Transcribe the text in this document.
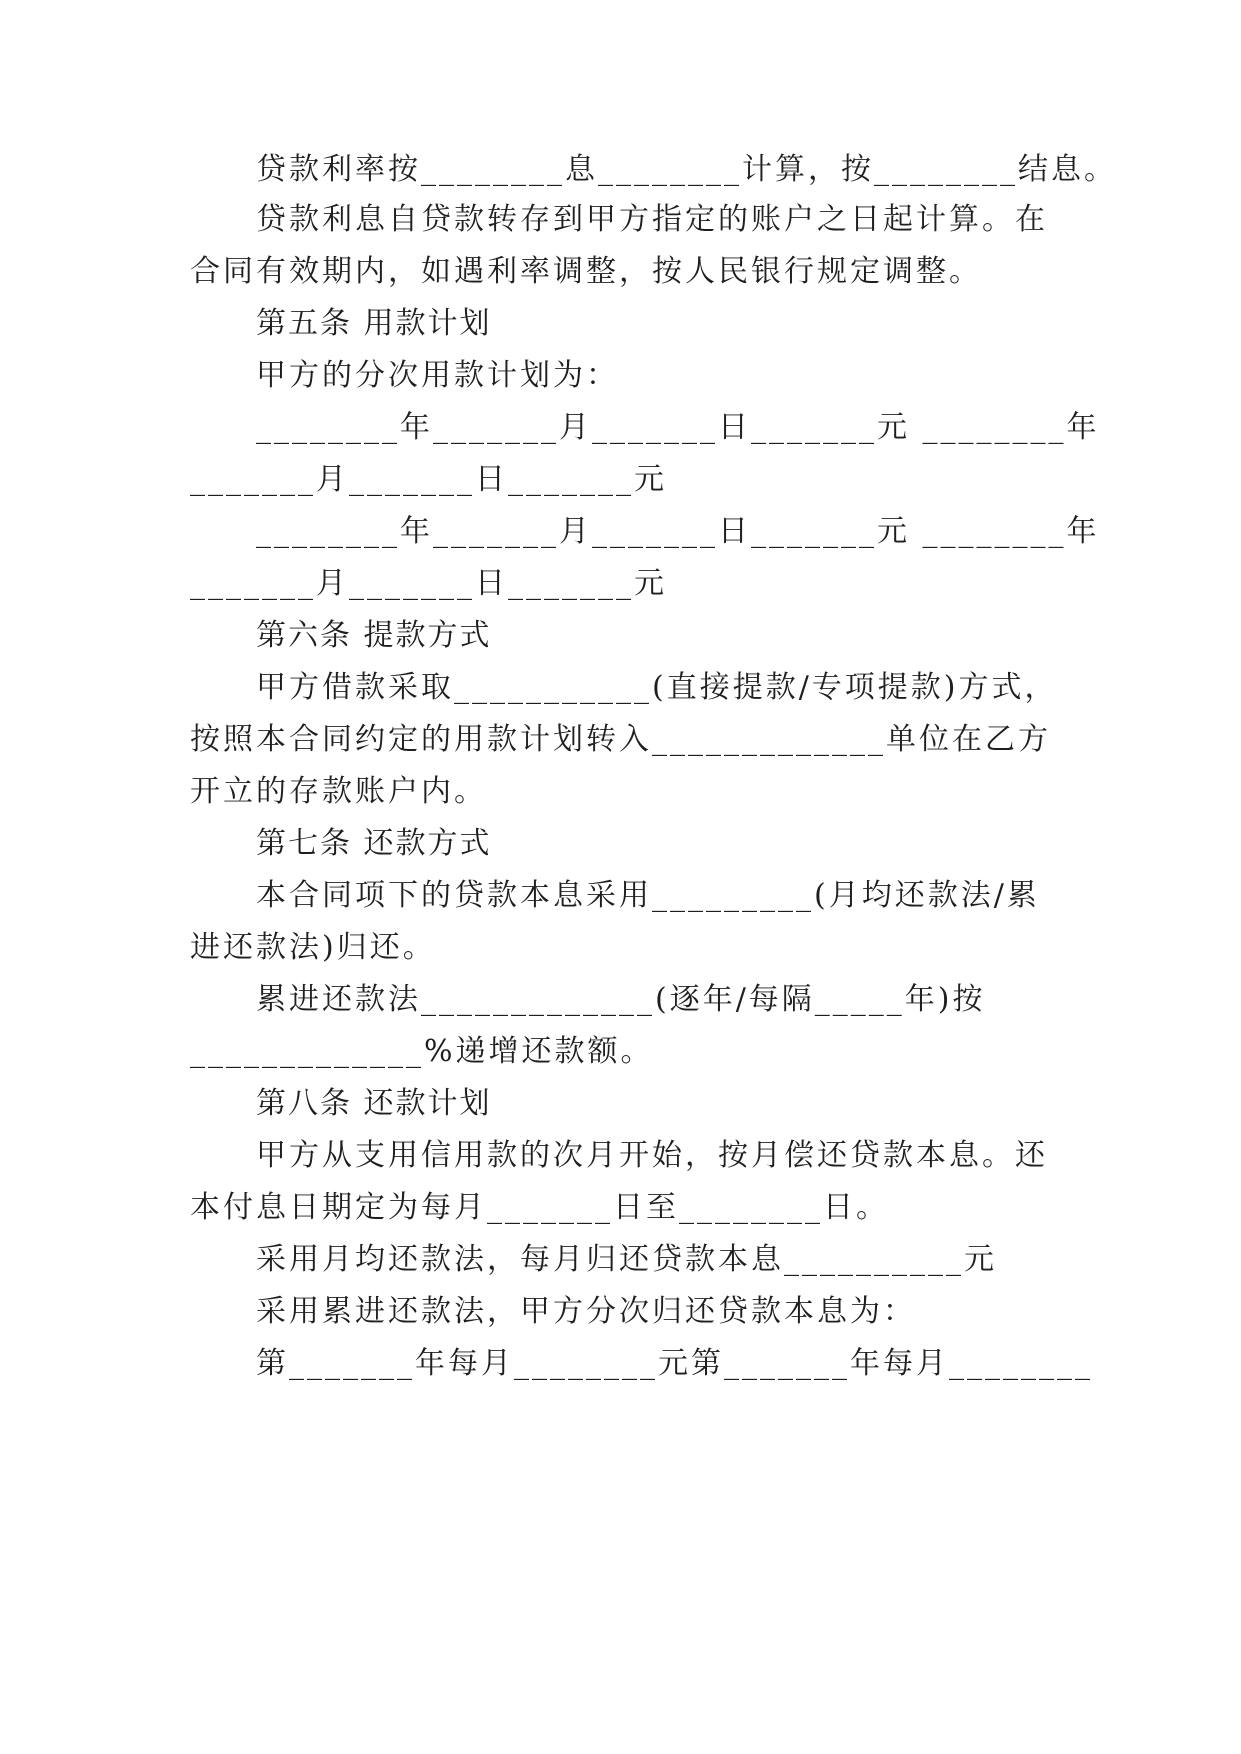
贷款利率按________息________计算，按________结息。
贷款利息自贷款转存到甲方指定的账户之日起计算。在
合同有效期内，如遇利率调整，按人民银行规定调整。
第五条 用款计划
甲方的分次用款计划为：
________年_______月_______日_______元 ________年
_______月_______日_______元
________年_______月_______日_______元 ________年
_______月_______日_______元
第六条 提款方式
甲方借款采取___________(直接提款/专项提款)方式，
按照本合同约定的用款计划转入_____________单位在乙方
开立的存款账户内。
第七条 还款方式
本合同项下的贷款本息采用_________(月均还款法/累
进还款法)归还。
累进还款法_____________(逐年/每隔_____年)按
_____________%递增还款额。
第八条 还款计划
甲方从支用信用款的次月开始，按月偿还贷款本息。还
本付息日期定为每月_______日至________日。
采用月均还款法，每月归还贷款本息__________元
采用累进还款法，甲方分次归还贷款本息为：
第_______年每月________元第_______年每月________
